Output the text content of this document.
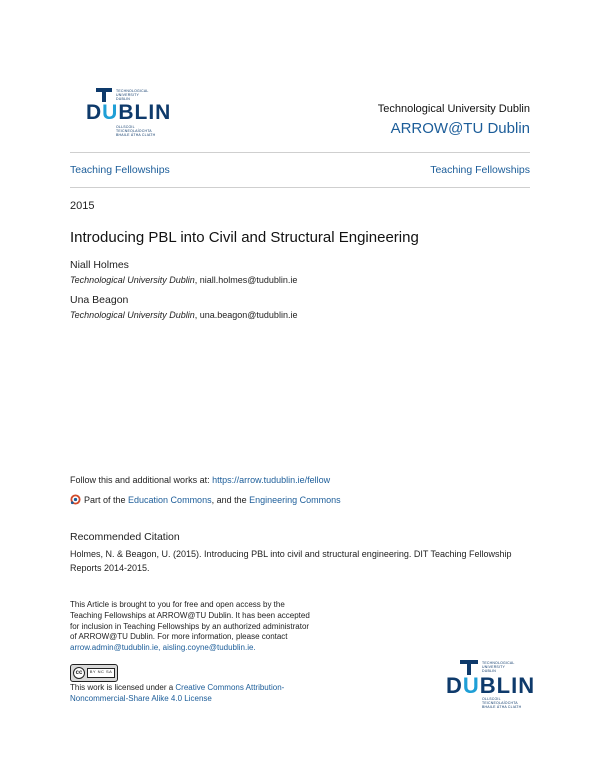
TECHNOLOGICAL
UNIVERSITY
DUBLIN
DUBLIN
OLLSCOIL TEICNEOLAÍOCHTA
BHAILE ÁTHA CLIATH
Technological University Dublin
ARROW@TU Dublin
Teaching Fellowships	Teaching Fellowships
2015
Introducing PBL into Civil and Structural Engineering
Niall Holmes
Technological University Dublin, niall.holmes@tudublin.ie
Una Beagon
Technological University Dublin, una.beagon@tudublin.ie
Follow this and additional works at: https://arrow.tudublin.ie/fellow
Part of the Education Commons, and the Engineering Commons
Recommended Citation
Holmes, N. & Beagon, U. (2015). Introducing PBL into civil and structural engineering. DIT Teaching Fellowship Reports 2014-2015.
This Article is brought to you for free and open access by the Teaching Fellowships at ARROW@TU Dublin. It has been accepted for inclusion in Teaching Fellowships by an authorized administrator of ARROW@TU Dublin. For more information, please contact
arrow.admin@tudublin.ie, aisling.coyne@tudublin.ie.
cc	BY NC SA
This work is licensed under a Creative Commons Attribution-Noncommercial-Share Alike 4.0 License
TECHNOLOGICAL
UNIVERSITY
DUBLIN
DUBLIN
OLLSCOIL TEICNEOLAÍOCHTA
BHAILE ÁTHA CLIATH
